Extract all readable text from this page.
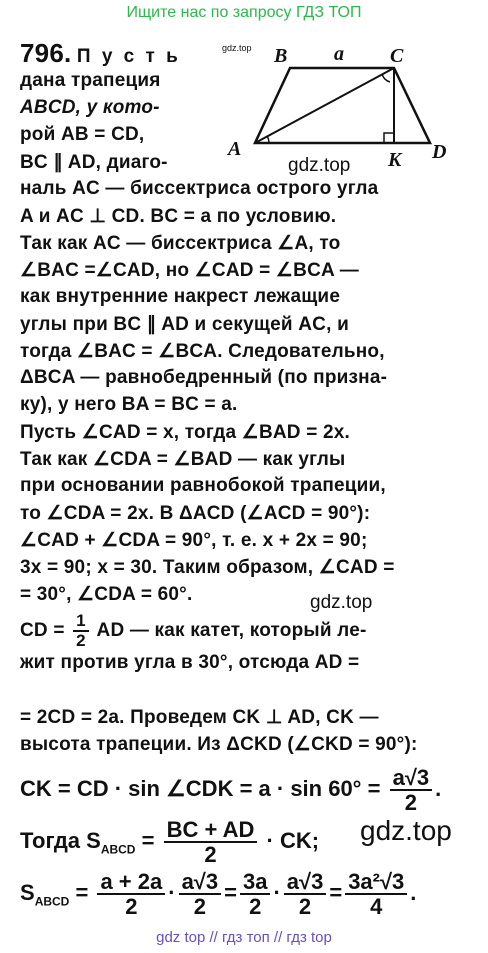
Ищите нас по запросу ГДЗ ТОП
B a C
A	K D
gdz.top
gdz.top
gdz.top
gdz.top
796. П у с т ь
дана трапеция
ABCD, у кото-
рой AB = CD,
BC ∥ AD, диаго-
наль AC — биссектриса острого угла
A и AC ⊥ CD. BC = a по условию.
Так как AC — биссектриса ∠A, то
∠BAC =∠CAD, но ∠CAD = ∠BCA —
как внутренние накрест лежащие
углы при BC ∥ AD и секущей AC, и
тогда ∠BAC = ∠BCA. Следовательно,
ΔBCA — равнобедренный (по призна-
ку), у него BA = BC = a.
Пусть ∠CAD = x, тогда ∠BAD = 2x.
Так как ∠CDA = ∠BAD — как углы
при основании равнобокой трапеции,
то ∠CDA = 2x. В ΔACD (∠ACD = 90°):
∠CAD + ∠CDA = 90°, т. е. x + 2x = 90;
3x = 90; x = 30. Таким образом, ∠CAD =
= 30°, ∠CDA = 60°.
CD = $\frac{1}{2}$ AD — как катет, который ле-
жит против угла в 30°, отсюда AD =
= 2CD = 2a. Проведем CK ⊥ AD, CK —
высота трапеции. Из ΔCKD (∠CKD = 90°):
CK = CD · sin ∠CDK = $a \cdot \sin 60^\circ = \frac{a√3}{2}$ .
Тогда $S_{ABCD} = \frac{BC + AD}{2}$ · CK;
$S_{ABCD} = \frac{a + 2a}{2} \cdot \frac{a√3}{2} = \frac{3a}{2} \cdot \frac{a√3}{2} = \frac{\text{3a²√3}}{4}$ .
gdz top // гдз топ // гдз top
